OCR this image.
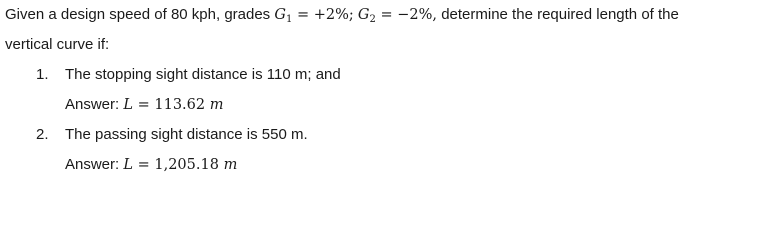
Given a design speed of 80 kph, grades $G_1 = +2\%$; $G_2 = -2\%$, determine the required length of the
vertical curve if:
1. The stopping sight distance is 110 m; and
Answer: L = 113.62 m
2. The passing sight distance is 550 m.
Answer: L = 1,205.18 m
